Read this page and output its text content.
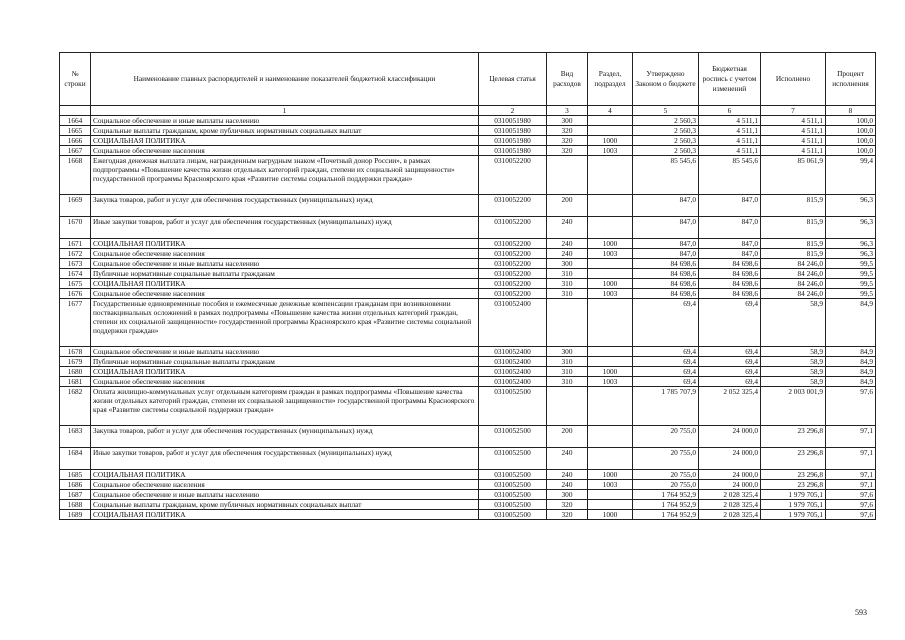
№ строки	Наименование главных распорядителей и наименование показателей бюджетной классификации	Целевая статья	Вид расходов	Раздел, подраздел	Утверждено Законом о бюджете	Бюджетная роспись с учетом изменений	Исполнено	Процент исполнения
	1	2	3	4	5	6	7	8
1664	Социальное обеспечение и иные выплаты населению	0310051980	300		2 560,3	4 511,1	4 511,1	100,0
1665	Социальные выплаты гражданам, кроме публичных нормативных социальных выплат	0310051980	320		2 560,3	4 511,1	4 511,1	100,0
1666	СОЦИАЛЬНАЯ ПОЛИТИКА	0310051980	320	1000	2 560,3	4 511,1	4 511,1	100,0
1667	Социальное обеспечение населения	0310051980	320	1003	2 560,3	4 511,1	4 511,1	100,0
1668	Ежегодная денежная выплата лицам, награжденным нагрудным знаком «Почетный донор России», в рамках подпрограммы «Повышение качества жизни отдельных категорий граждан, степени их социальной защищенности» государственной программы Красноярского края «Развитие системы социальной поддержки граждан»	0310052200			85 545,6	85 545,6	85 061,9	99,4
1669	Закупка товаров, работ и услуг для обеспечения государственных (муниципальных) нужд	0310052200	200		847,0	847,0	815,9	96,3
1670	Иные закупки товаров, работ и услуг для обеспечения государственных (муниципальных) нужд	0310052200	240		847,0	847,0	815,9	96,3
1671	СОЦИАЛЬНАЯ ПОЛИТИКА	0310052200	240	1000	847,0	847,0	815,9	96,3
1672	Социальное обеспечение населения	0310052200	240	1003	847,0	847,0	815,9	96,3
1673	Социальное обеспечение и иные выплаты населению	0310052200	300		84 698,6	84 698,6	84 246,0	99,5
1674	Публичные нормативные социальные выплаты гражданам	0310052200	310		84 698,6	84 698,6	84 246,0	99,5
1675	СОЦИАЛЬНАЯ ПОЛИТИКА	0310052200	310	1000	84 698,6	84 698,6	84 246,0	99,5
1676	Социальное обеспечение населения	0310052200	310	1003	84 698,6	84 698,6	84 246,0	99,5
1677	Государственные единовременные пособия и ежемесячные денежные компенсации гражданам при возникновении поствакцинальных осложнений в рамках подпрограммы «Повышение качества жизни отдельных категорий граждан, степени их социальной защищенности» государственной программы Красноярского края «Развитие системы социальной поддержки граждан»	0310052400			69,4	69,4	58,9	84,9
1678	Социальное обеспечение и иные выплаты населению	0310052400	300		69,4	69,4	58,9	84,9
1679	Публичные нормативные социальные выплаты гражданам	0310052400	310		69,4	69,4	58,9	84,9
1680	СОЦИАЛЬНАЯ ПОЛИТИКА	0310052400	310	1000	69,4	69,4	58,9	84,9
1681	Социальное обеспечение населения	0310052400	310	1003	69,4	69,4	58,9	84,9
1682	Оплата жилищно-коммунальных услуг отдельным категориям граждан в рамках подпрограммы «Повышение качества жизни отдельных категорий граждан, степени их социальной защищенности» государственной программы Красноярского края «Развитие системы социальной поддержки граждан»	0310052500			1 785 707,9	2 052 325,4	2 003 001,9	97,6
1683	Закупка товаров, работ и услуг для обеспечения государственных (муниципальных) нужд	0310052500	200		20 755,0	24 000,0	23 296,8	97,1
1684	Иные закупки товаров, работ и услуг для обеспечения государственных (муниципальных) нужд	0310052500	240		20 755,0	24 000,0	23 296,8	97,1
1685	СОЦИАЛЬНАЯ ПОЛИТИКА	0310052500	240	1000	20 755,0	24 000,0	23 296,8	97,1
1686	Социальное обеспечение населения	0310052500	240	1003	20 755,0	24 000,0	23 296,8	97,1
1687	Социальное обеспечение и иные выплаты населению	0310052500	300		1 764 952,9	2 028 325,4	1 979 705,1	97,6
1688	Социальные выплаты гражданам, кроме публичных нормативных социальных выплат	0310052500	320		1 764 952,9	2 028 325,4	1 979 705,1	97,6
1689	СОЦИАЛЬНАЯ ПОЛИТИКА	0310052500	320	1000	1 764 952,9	2 028 325,4	1 979 705,1	97,6
593
